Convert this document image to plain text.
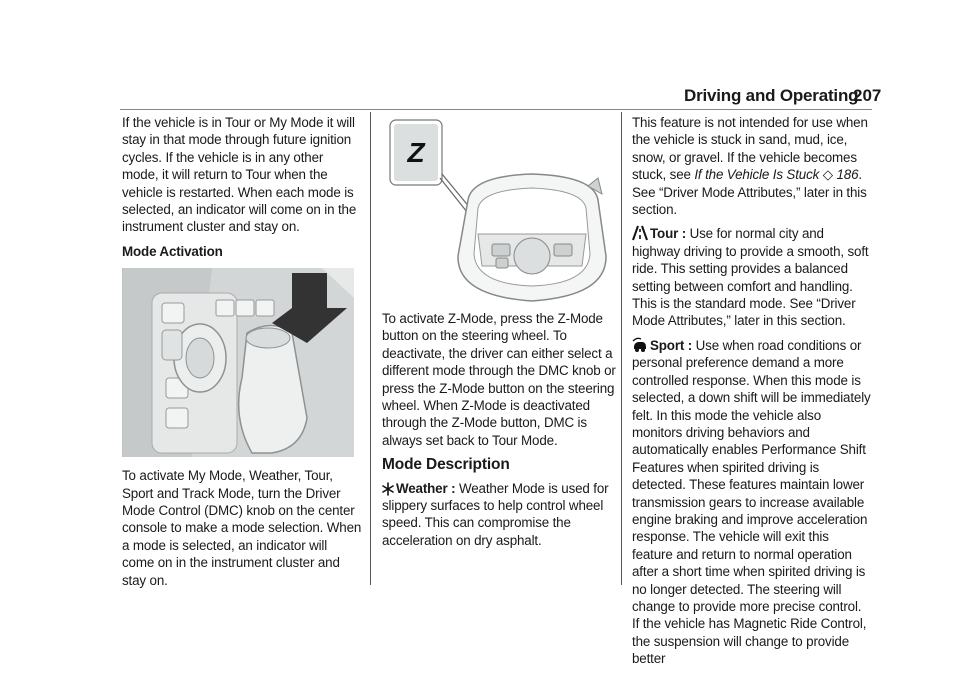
Driving and Operating
207

If the vehicle is in Tour or My Mode it will stay in that mode through future ignition cycles. If the vehicle is in any other mode, it will return to Tour when the vehicle is restarted. When each mode is selected, an indicator will come on in the instrument cluster and stay on.

Mode Activation

To activate My Mode, Weather, Tour, Sport and Track Mode, turn the Driver Mode Control (DMC) knob on the center console to make a mode selection. When a mode is selected, an indicator will come on in the instrument cluster and stay on.

Z

To activate Z-Mode, press the Z-Mode button on the steering wheel. To deactivate, the driver can either select a different mode through the DMC knob or press the Z-Mode button on the steering wheel. When Z-Mode is deactivated through the Z-Mode button, DMC is always set back to Tour Mode.

Mode Description

Weather : Weather Mode is used for slippery surfaces to help control wheel speed. This can compromise the acceleration on dry asphalt.

This feature is not intended for use when the vehicle is stuck in sand, mud, ice, snow, or gravel. If the vehicle becomes stuck, see If the Vehicle Is Stuck ◇ 186. See “Driver Mode Attributes,” later in this section.

Tour : Use for normal city and highway driving to provide a smooth, soft ride. This setting provides a balanced setting between comfort and handling. This is the standard mode. See “Driver Mode Attributes,” later in this section.

Sport : Use when road conditions or personal preference demand a more controlled response. When this mode is selected, a down shift will be immediately felt. In this mode the vehicle also monitors driving behaviors and automatically enables Performance Shift Features when spirited driving is detected. These features maintain lower transmission gears to increase available engine braking and improve acceleration response. The vehicle will exit this feature and return to normal operation after a short time when spirited driving is no longer detected. The steering will change to provide more precise control. If the vehicle has Magnetic Ride Control, the suspension will change to provide better
